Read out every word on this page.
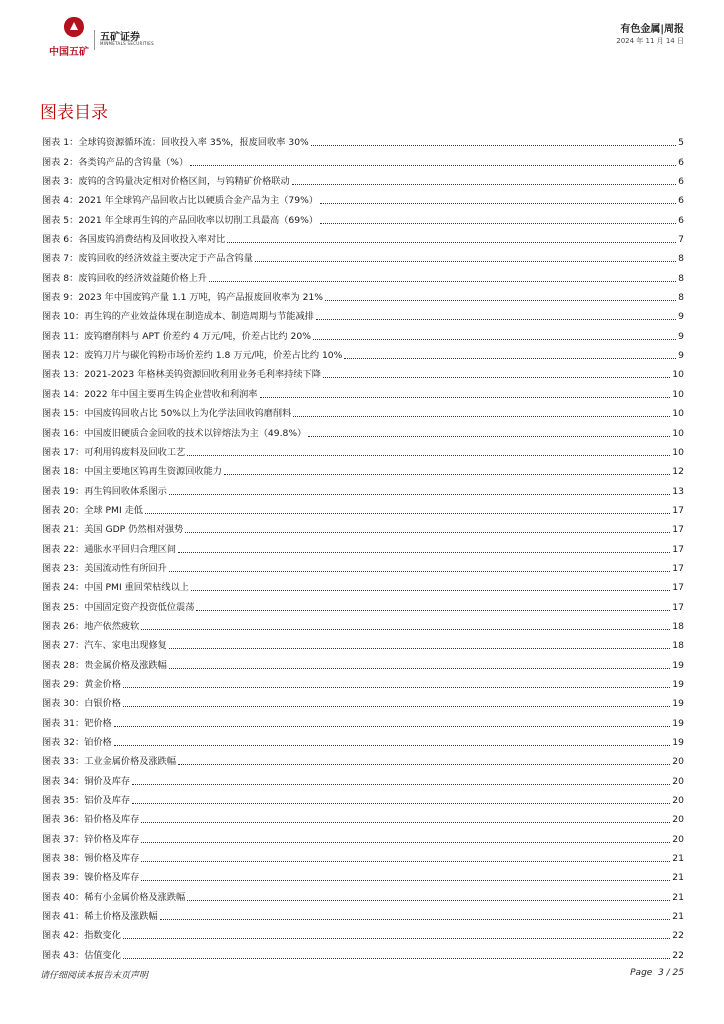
中国五矿
五矿证券
MINMETALS SECURITIES
有色金属|周报
2024 年 11 月 14 日
图表目录
图表 1： 全球钨资源循环流：回收投入率 35%，报废回收率 30%	5
图表 2： 各类钨产品的含钨量（%）	6
图表 3： 废钨的含钨量决定相对价格区间，与钨精矿价格联动	6
图表 4： 2021 年全球钨产品回收占比以硬质合金产品为主（79%）	6
图表 5： 2021 年全球再生钨的产品回收率以切削工具最高（69%）	6
图表 6： 各国废钨消费结构及回收投入率对比	7
图表 7： 废钨回收的经济效益主要决定于产品含钨量	8
图表 8： 废钨回收的经济效益随价格上升	8
图表 9： 2023 年中国废钨产量 1.1 万吨，钨产品报废回收率为 21%	8
图表 10： 再生钨的产业效益体现在制造成本、制造周期与节能减排	9
图表 11： 废钨磨削料与 APT 价差约 4 万元/吨，价差占比约 20%	9
图表 12： 废钨刀片与碳化钨粉市场价差约 1.8 万元/吨，价差占比约 10%	9
图表 13： 2021-2023 年格林美钨资源回收利用业务毛利率持续下降	10
图表 14： 2022 年中国主要再生钨企业营收和利润率	10
图表 15： 中国废钨回收占比 50%以上为化学法回收钨磨削料	10
图表 16： 中国废旧硬质合金回收的技术以锌熔法为主（49.8%）	10
图表 17： 可利用钨废料及回收工艺	10
图表 18： 中国主要地区钨再生资源回收能力	12
图表 19： 再生钨回收体系图示	13
图表 20： 全球 PMI 走低	17
图表 21： 美国 GDP 仍然相对强势	17
图表 22： 通胀水平回归合理区间	17
图表 23： 美国流动性有所回升	17
图表 24： 中国 PMI 重回荣枯线以上	17
图表 25： 中国固定资产投资低位震荡	17
图表 26： 地产依然疲软	18
图表 27： 汽车、家电出现修复	18
图表 28： 贵金属价格及涨跌幅	19
图表 29： 黄金价格	19
图表 30： 白银价格	19
图表 31： 钯价格	19
图表 32： 铂价格	19
图表 33： 工业金属价格及涨跌幅	20
图表 34： 铜价及库存	20
图表 35： 铝价及库存	20
图表 36： 铅价格及库存	20
图表 37： 锌价格及库存	20
图表 38： 锡价格及库存	21
图表 39： 镍价格及库存	21
图表 40： 稀有小金属价格及涨跌幅	21
图表 41： 稀土价格及涨跌幅	21
图表 42： 指数变化	22
图表 43： 估值变化	22
请仔细阅读本报告末页声明	Page 3 / 25
